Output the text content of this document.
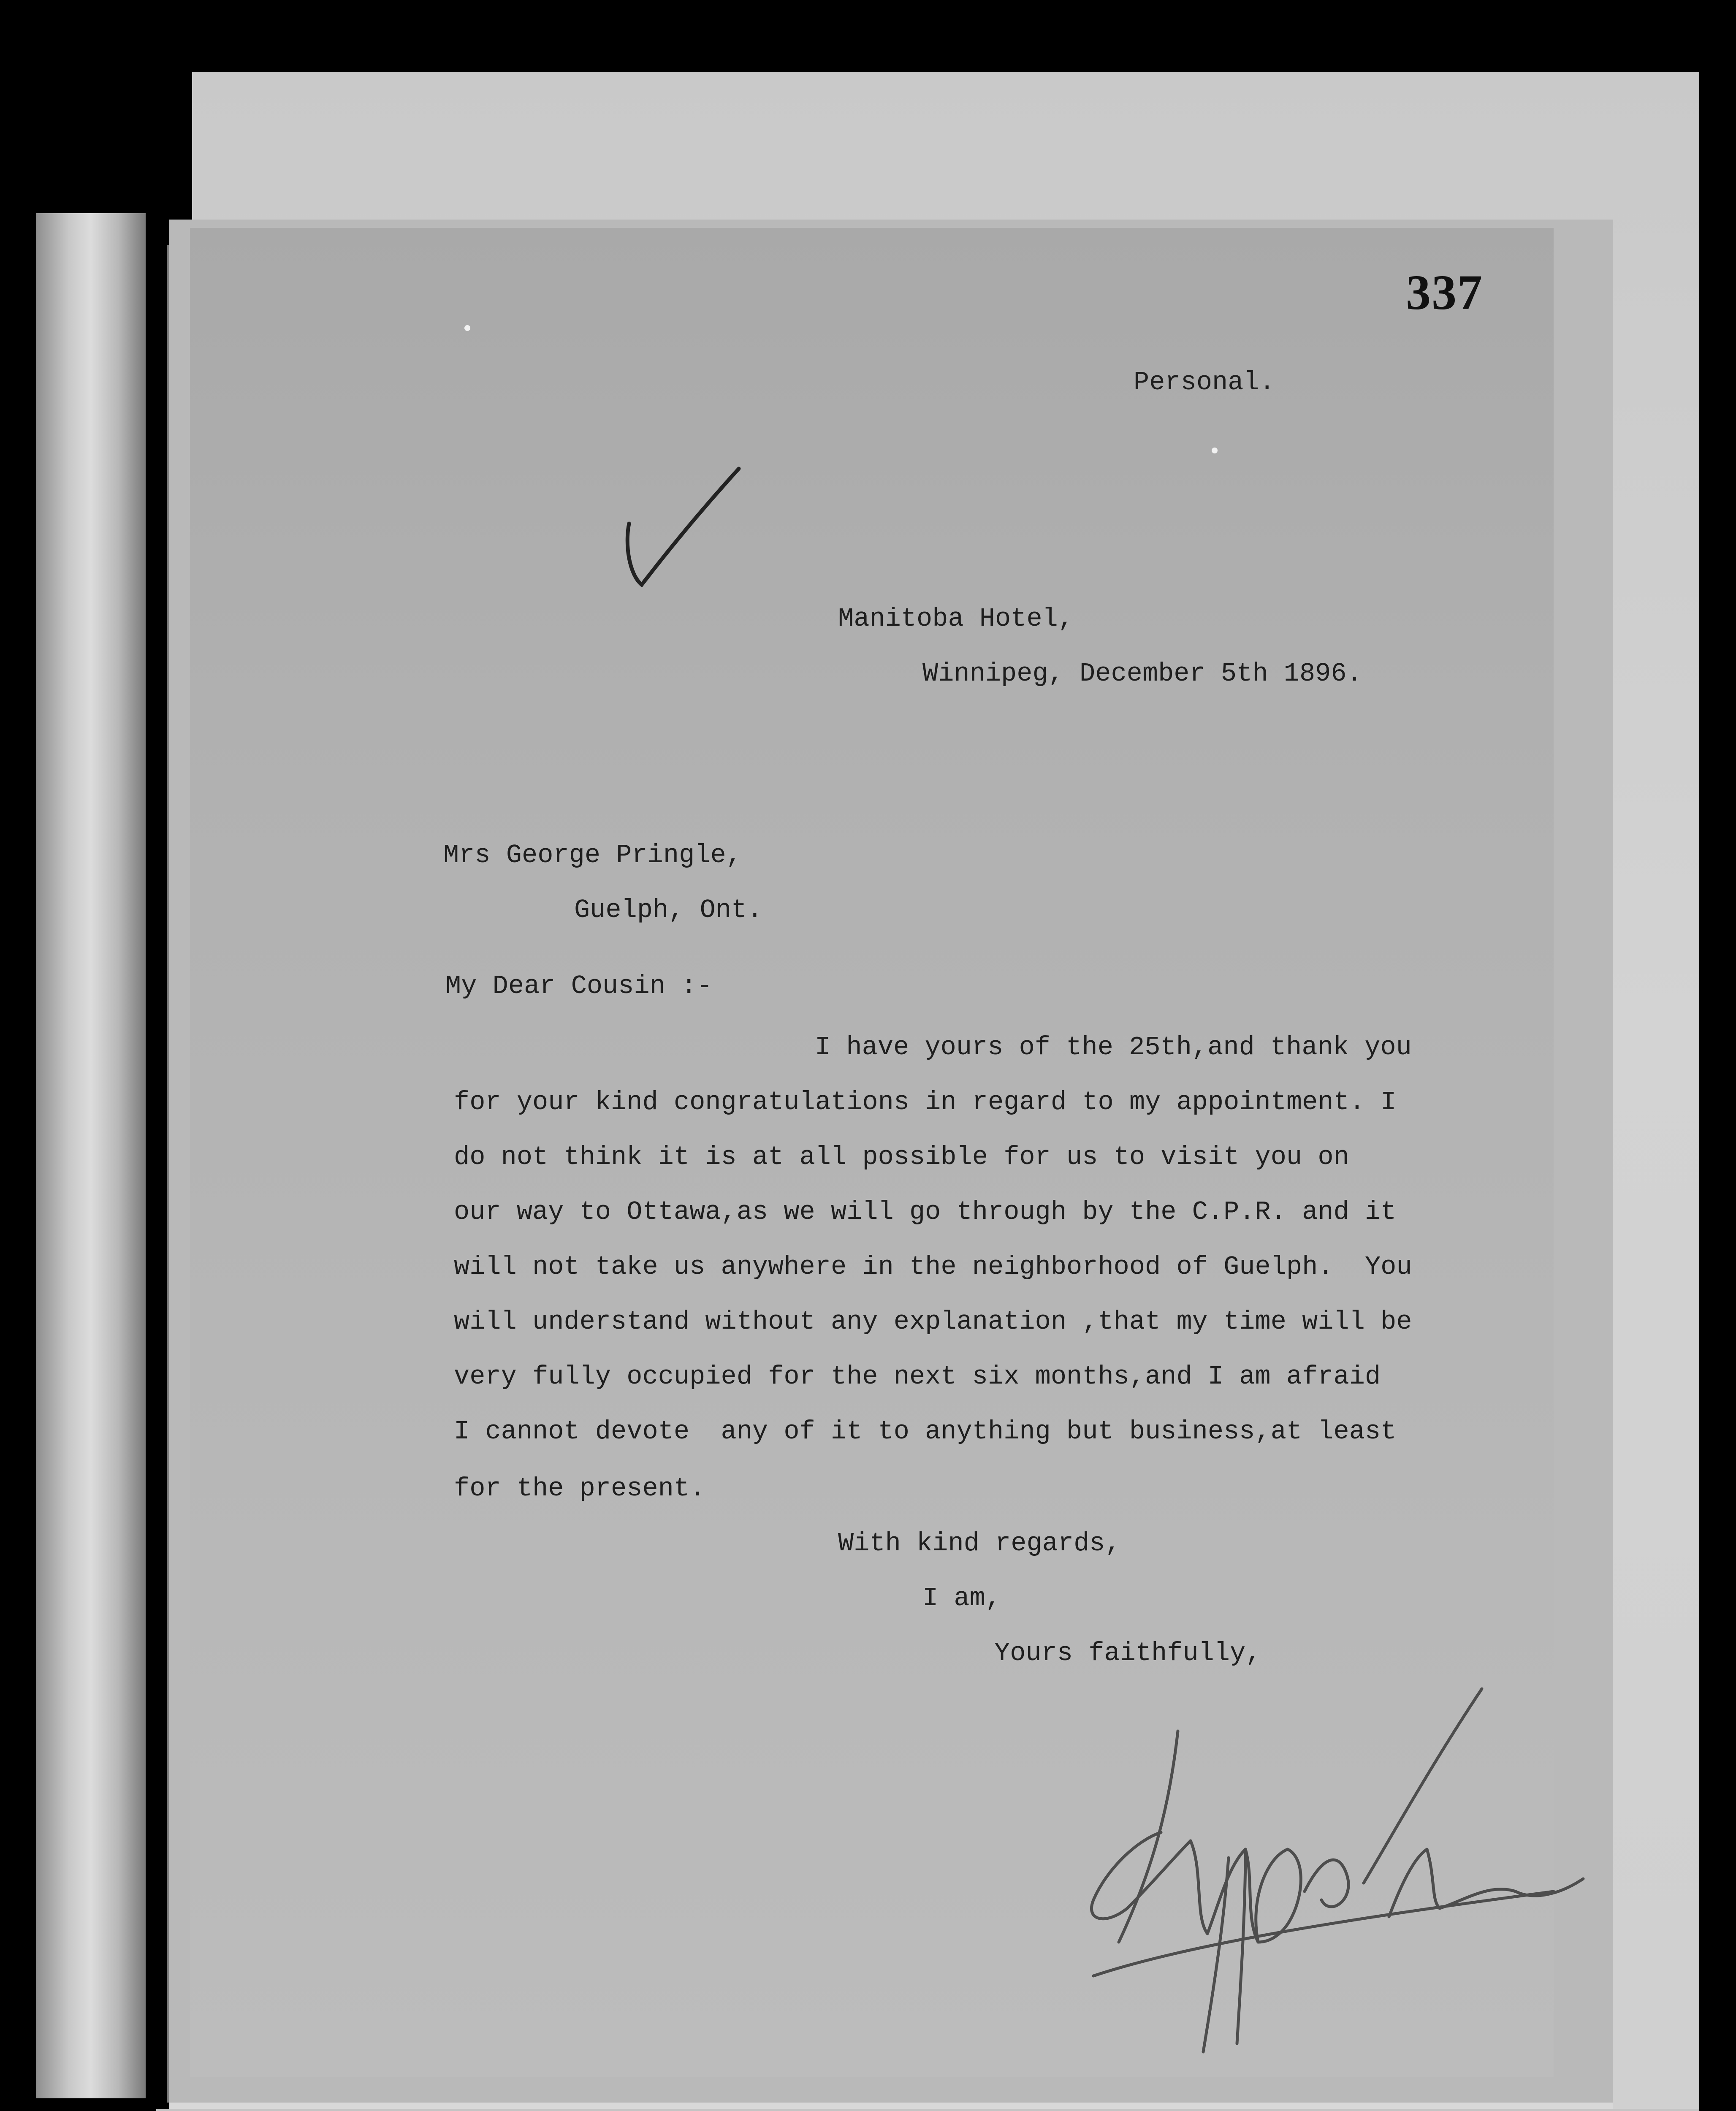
337
Personal.
Manitoba Hotel,
Winnipeg, December 5th 1896.
Mrs George Pringle,
Guelph, Ont.
My Dear Cousin :-
I have yours of the 25th,and thank you
for your kind congratulations in regard to my appointment. I
do not think it is at all possible for us to visit you on
our way to Ottawa,as we will go through by the C.P.R. and it
will not take us anywhere in the neighborhood of Guelph.  You
will understand without any explanation ,that my time will be
very fully occupied for the next six months,and I am afraid
I cannot devote  any of it to anything but business,at least
for the present.
With kind regards,
I am,
Yours faithfully,
